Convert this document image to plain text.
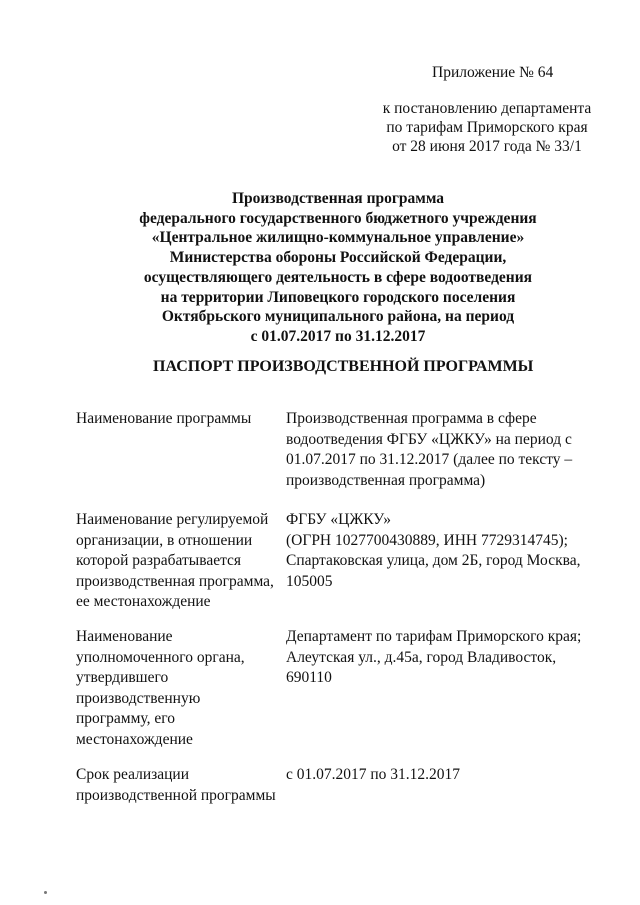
Приложение № 64
к постановлению департамента
по тарифам Приморского края
от 28 июня 2017 года № 33/1
Производственная программа
федерального государственного бюджетного учреждения
«Центральное жилищно-коммунальное управление»
Министерства обороны Российской Федерации,
осуществляющего деятельность в сфере водоотведения
на территории Липовецкого городского поселения
Октябрьского муниципального района, на период
с 01.07.2017 по 31.12.2017
ПАСПОРТ ПРОИЗВОДСТВЕННОЙ ПРОГРАММЫ
Наименование программы	Производственная программа в сфере
водоотведения ФГБУ «ЦЖКУ» на период с
01.07.2017 по 31.12.2017 (далее по тексту –
производственная программа)
Наименование регулируемой
организации, в отношении
которой разрабатывается
производственная программа,
ее местонахождение
ФГБУ «ЦЖКУ»
(ОГРН 1027700430889, ИНН 7729314745);
Спартаковская улица, дом 2Б, город Москва,
105005
Наименование
уполномоченного органа,
утвердившего
производственную
программу, его
местонахождение
Департамент по тарифам Приморского края;
Алеутская ул., д.45а, город Владивосток,
690110
Срок реализации
производственной программы
с 01.07.2017 по 31.12.2017
